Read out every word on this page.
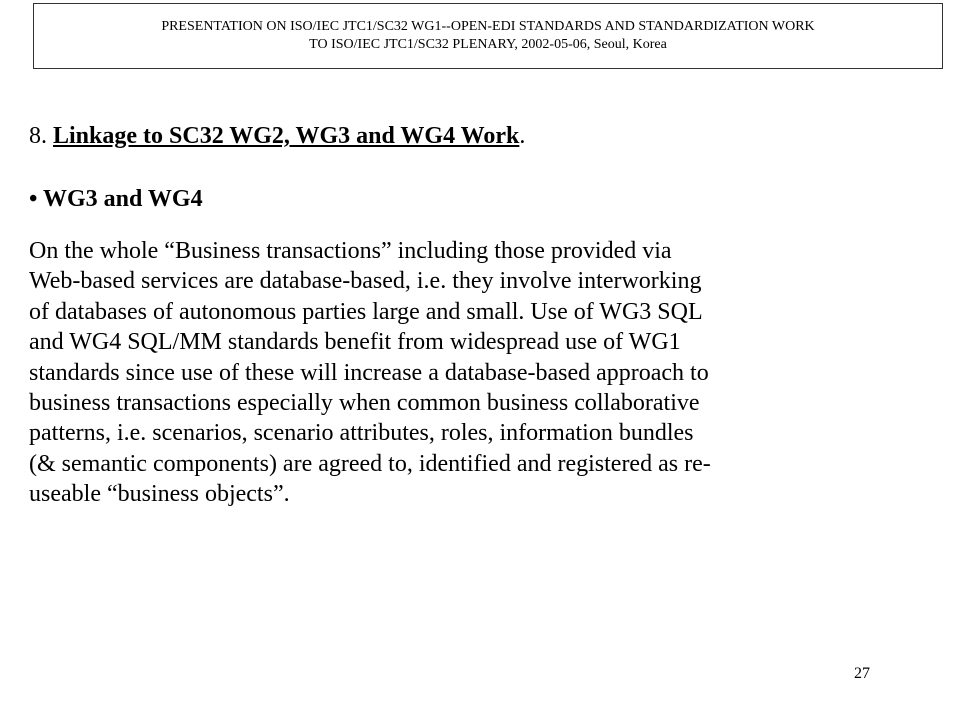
PRESENTATION ON ISO/IEC JTC1/SC32 WG1--OPEN-EDI STANDARDS AND STANDARDIZATION WORK
TO ISO/IEC JTC1/SC32 PLENARY, 2002-05-06, Seoul, Korea
8. Linkage to SC32 WG2, WG3 and WG4 Work.
• WG3 and WG4
On the whole “Business transactions” including those provided via
Web-based services are database-based, i.e. they involve interworking
of databases of autonomous parties large and small. Use of WG3 SQL
and WG4 SQL/MM standards benefit from widespread use of WG1
standards since use of these will increase a database-based approach to
business transactions especially when common business collaborative
patterns, i.e. scenarios, scenario attributes, roles, information bundles
(& semantic components) are agreed to, identified and registered as re-
useable “business objects”.
27
